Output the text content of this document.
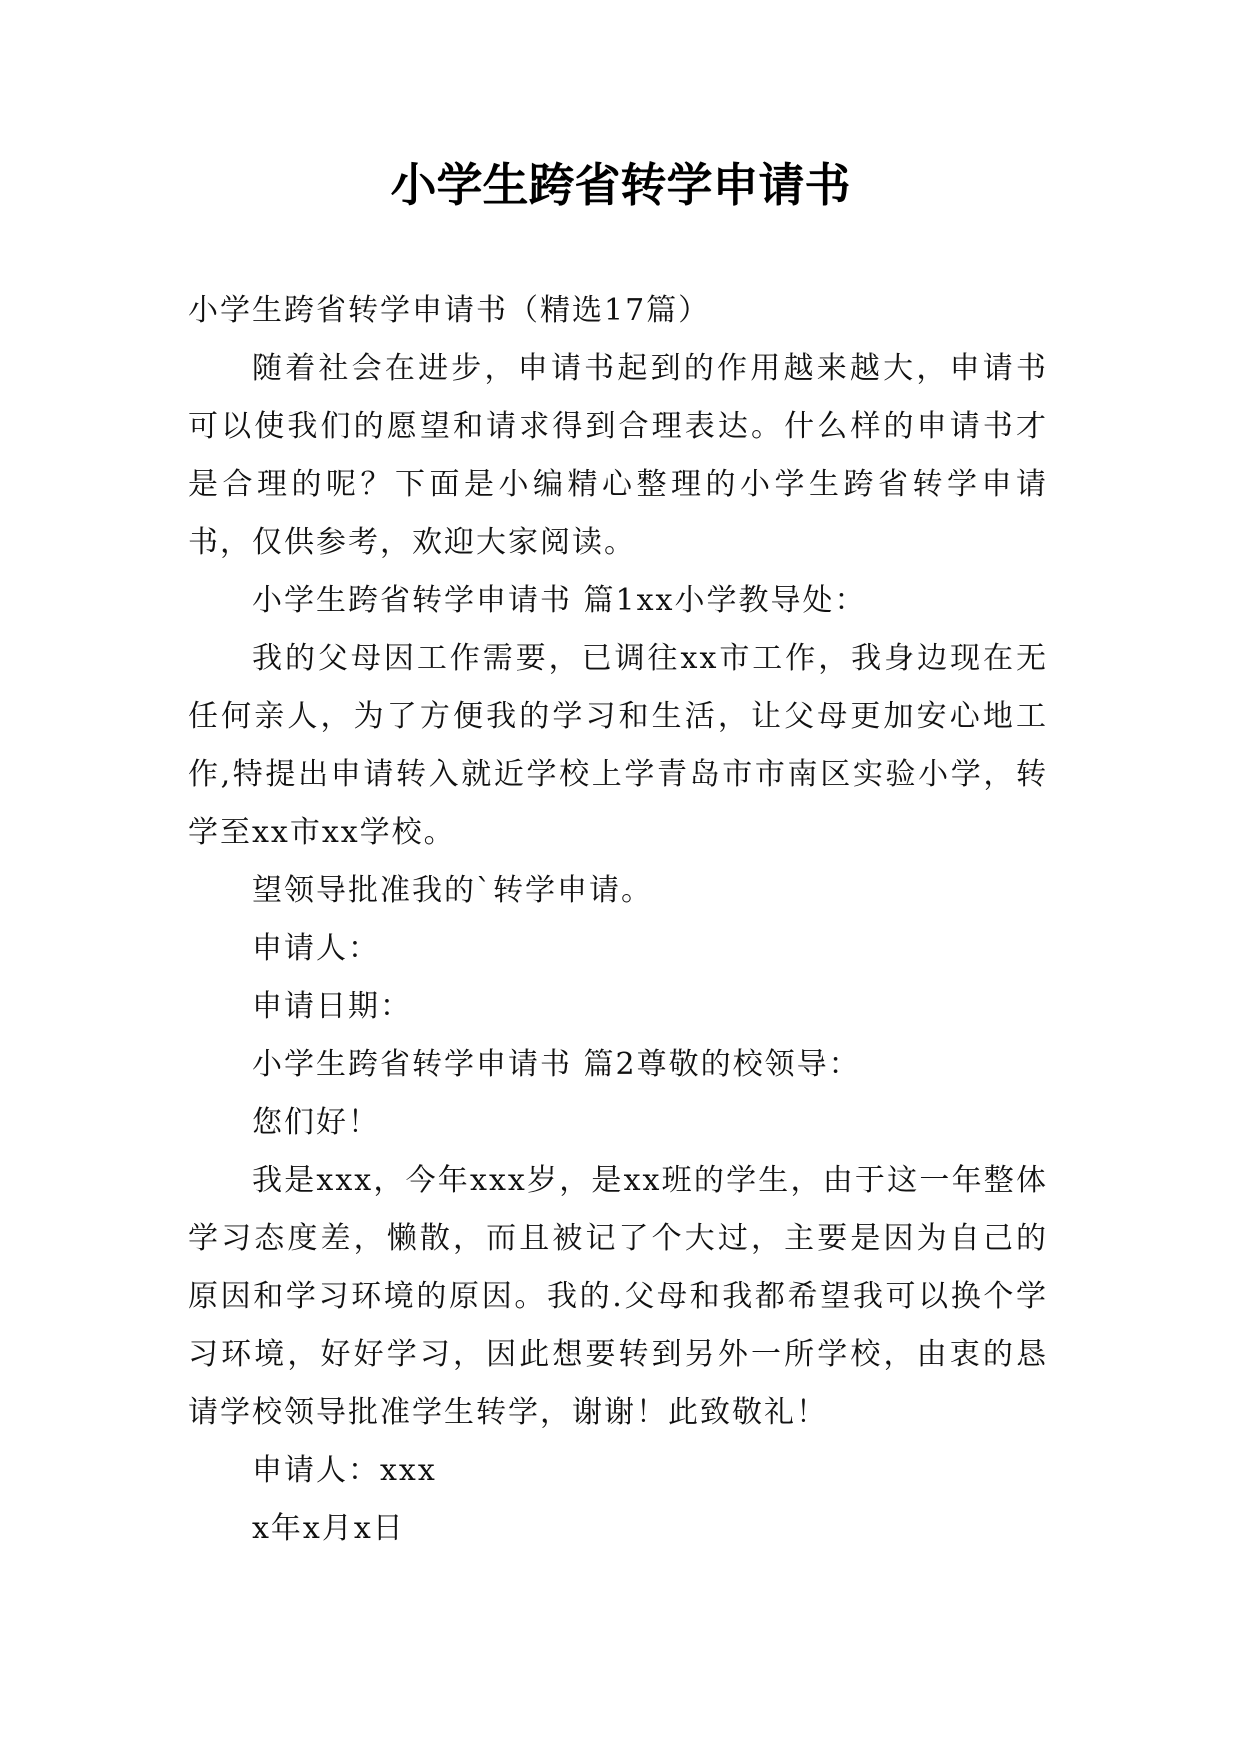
小学生跨省转学申请书

小学生跨省转学申请书（精选17篇）

随着社会在进步，申请书起到的作用越来越大，申请书可以使我们的愿望和请求得到合理表达。什么样的申请书才是合理的呢？下面是小编精心整理的小学生跨省转学申请书，仅供参考，欢迎大家阅读。

小学生跨省转学申请书 篇1xx小学教导处：

我的父母因工作需要，已调往xx市工作，我身边现在无任何亲人，为了方便我的学习和生活，让父母更加安心地工作,特提出申请转入就近学校上学青岛市市南区实验小学，转学至xx市xx学校。

望领导批准我的`转学申请。

申请人：

申请日期：

小学生跨省转学申请书 篇2尊敬的校领导：

您们好！

我是xxx，今年xxx岁，是xx班的学生，由于这一年整体学习态度差，懒散，而且被记了个大过，主要是因为自己的原因和学习环境的原因。我的.父母和我都希望我可以换个学习环境，好好学习，因此想要转到另外一所学校，由衷的恳请学校领导批准学生转学，谢谢！此致敬礼！

申请人：xxx

x年x月x日
